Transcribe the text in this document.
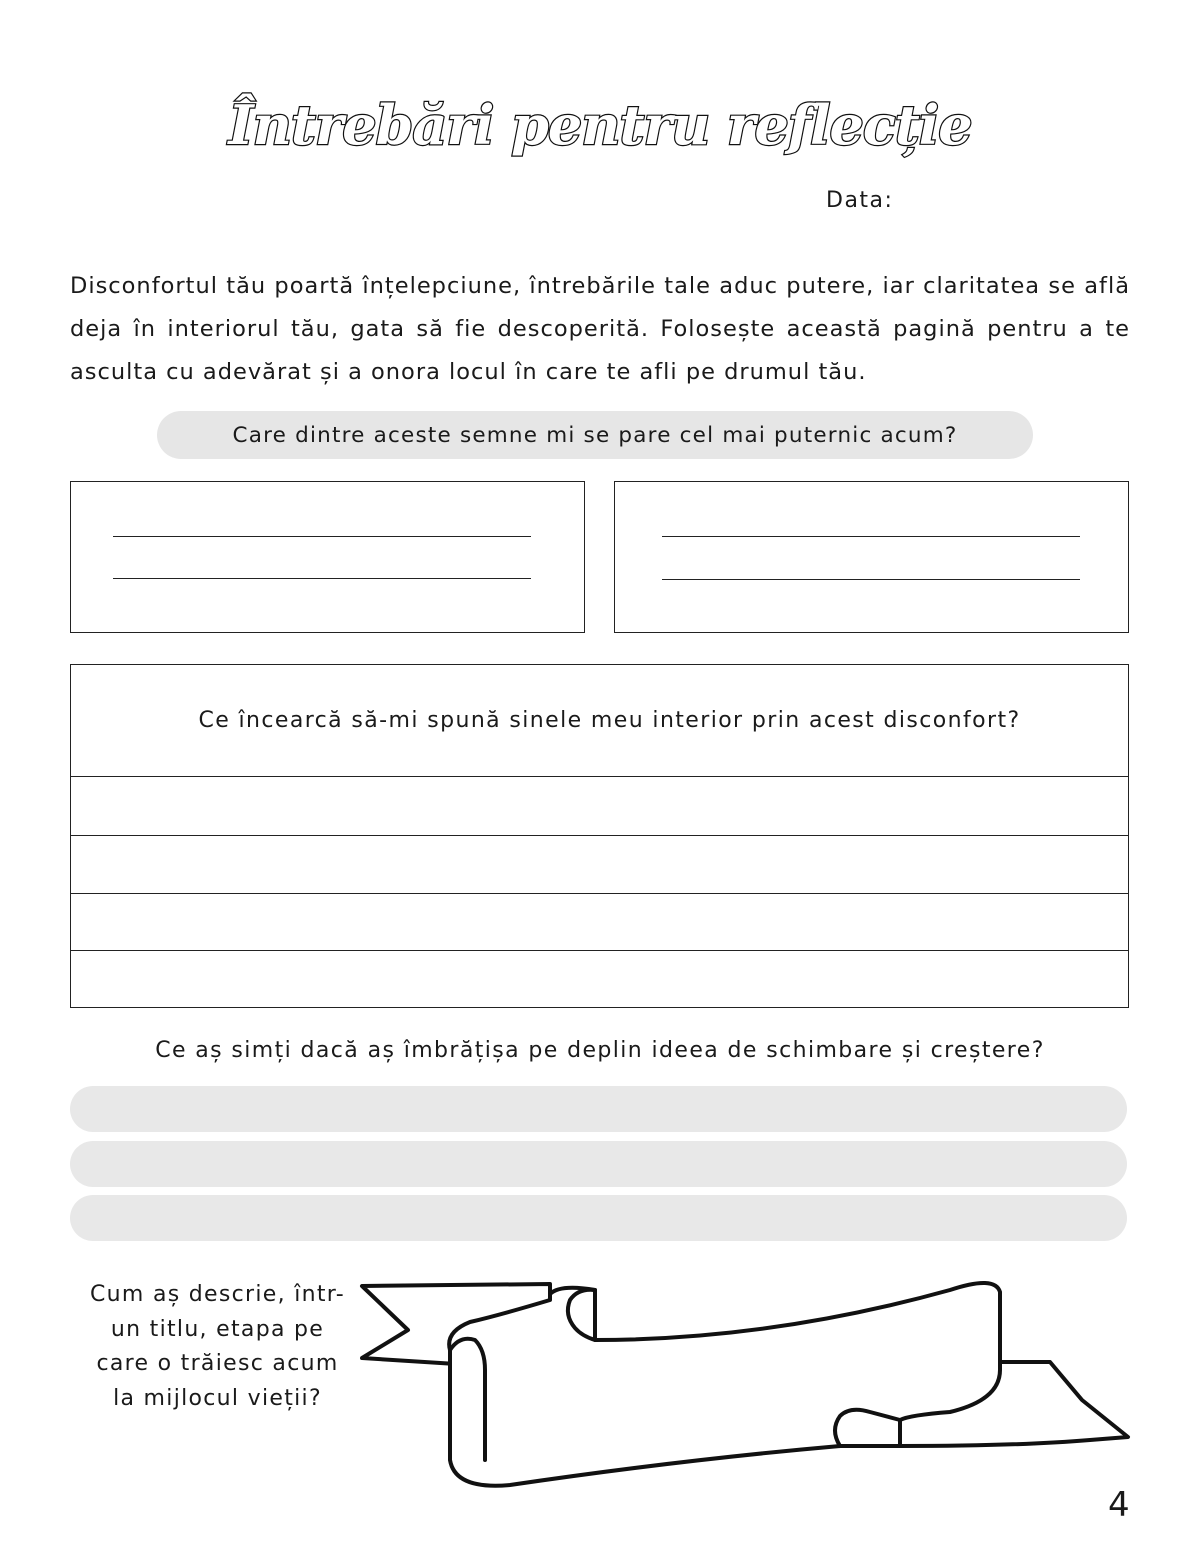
Întrebări pentru reflecție
Data:

Disconfortul tău poartă înțelepciune, întrebările tale aduc putere, iar claritatea se află deja în interiorul tău, gata să fie descoperită. Folosește această pagină pentru a te asculta cu adevărat și a onora locul în care te afli pe drumul tău.

Care dintre aceste semne mi se pare cel mai puternic acum?
Ce încearcă să-mi spună sinele meu interior prin acest disconfort?
Ce aș simți dacă aș îmbrățișa pe deplin ideea de schimbare și creștere?

Cum aș descrie, într-un titlu, etapa pe care o trăiesc acum la mijlocul vieții?

4
